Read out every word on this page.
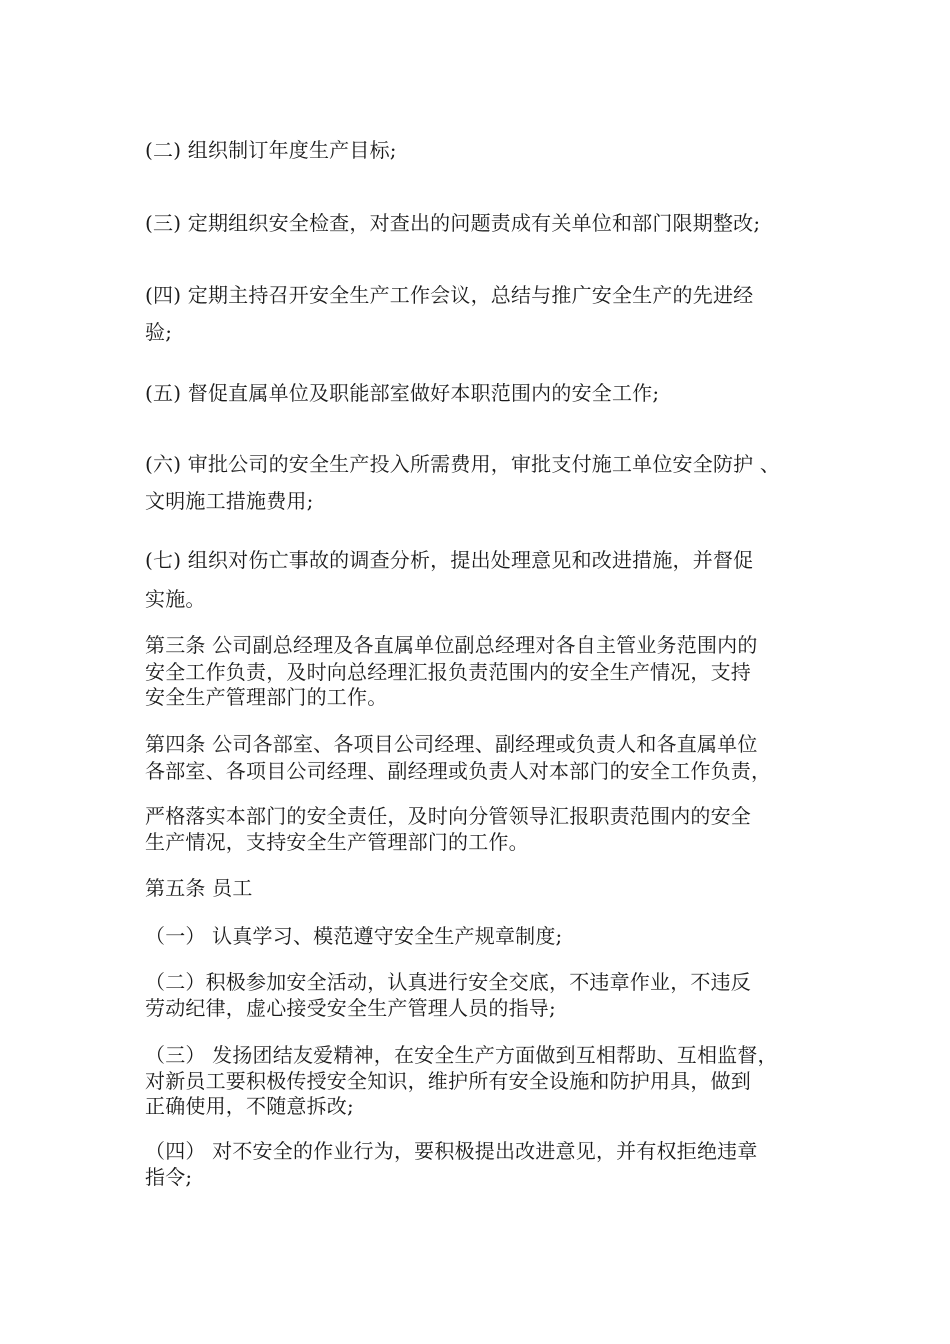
(二) 组织制订年度生产目标;
(三) 定期组织安全检查，对查出的问题责成有关单位和部门限期整改;
(四) 定期主持召开安全生产工作会议，总结与推广安全生产的先进经
验;
(五) 督促直属单位及职能部室做好本职范围内的安全工作;
(六) 审批公司的安全生产投入所需费用，审批支付施工单位安全防护 、
文明施工措施费用;
(七) 组织对伤亡事故的调查分析，提出处理意见和改进措施，并督促
实施。
第三条 公司副总经理及各直属单位副总经理对各自主管业务范围内的
安全工作负责，及时向总经理汇报负责范围内的安全生产情况，支持
安全生产管理部门的工作。
第四条 公司各部室、各项目公司经理、副经理或负责人和各直属单位
各部室、各项目公司经理、副经理或负责人对本部门的安全工作负责，
严格落实本部门的安全责任，及时向分管领导汇报职责范围内的安全
生产情况，支持安全生产管理部门的工作。
第五条 员工
（一） 认真学习、模范遵守安全生产规章制度;
（二）积极参加安全活动，认真进行安全交底，不违章作业，不违反
劳动纪律，虚心接受安全生产管理人员的指导;
（三） 发扬团结友爱精神，在安全生产方面做到互相帮助、互相监督，
对新员工要积极传授安全知识，维护所有安全设施和防护用具，做到
正确使用，不随意拆改;
（四） 对不安全的作业行为，要积极提出改进意见，并有权拒绝违章
指令;
